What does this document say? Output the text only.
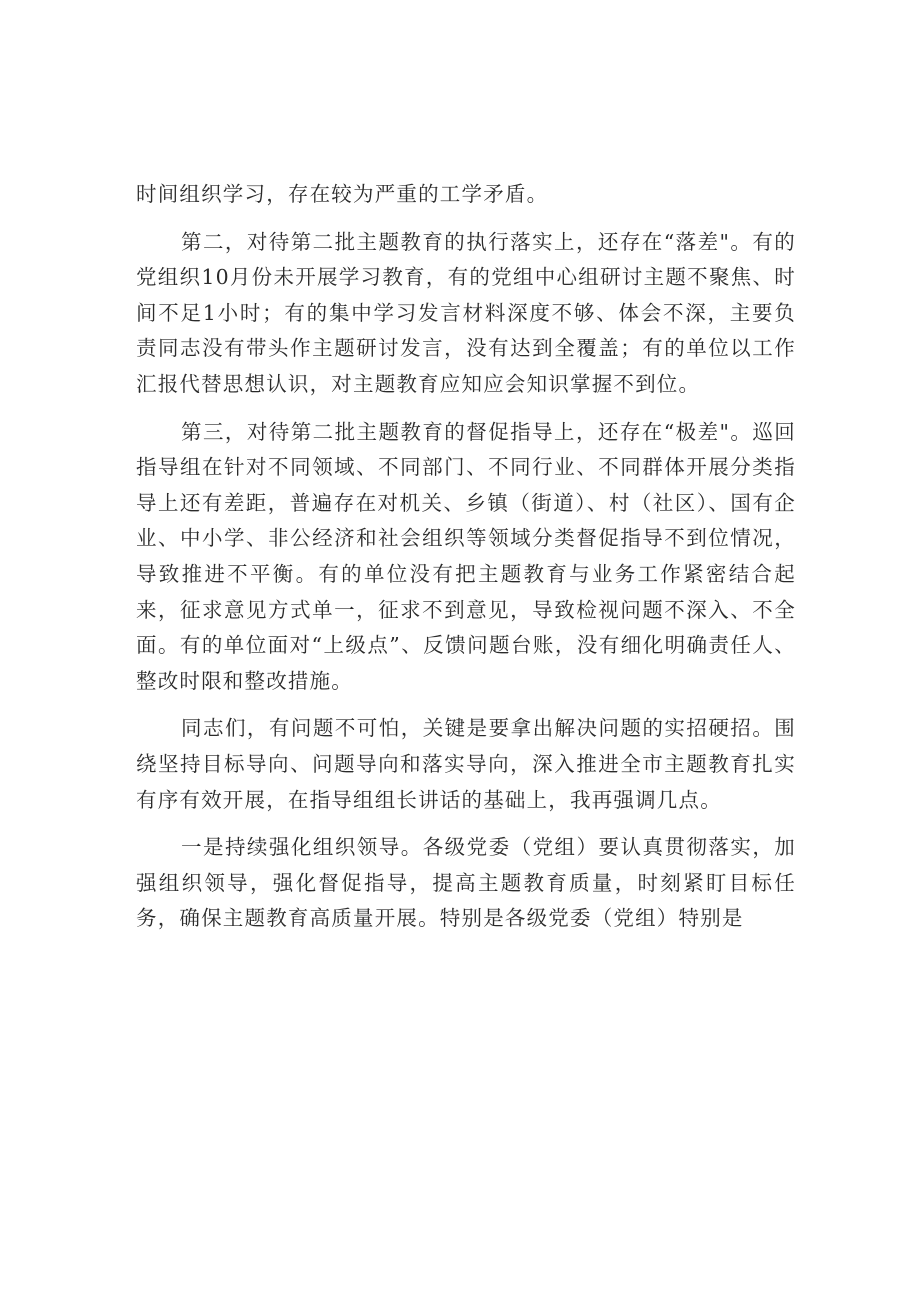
时间组织学习，存在较为严重的工学矛盾。

第二，对待第二批主题教育的执行落实上，还存在“落差"。有的党组织10月份未开展学习教育，有的党组中心组研讨主题不聚焦、时间不足1小时；有的集中学习发言材料深度不够、体会不深，主要负责同志没有带头作主题研讨发言，没有达到全覆盖；有的单位以工作汇报代替思想认识，对主题教育应知应会知识掌握不到位。

第三，对待第二批主题教育的督促指导上，还存在“极差"。巡回指导组在针对不同领域、不同部门、不同行业、不同群体开展分类指导上还有差距，普遍存在对机关、乡镇（街道）、村（社区）、国有企业、中小学、非公经济和社会组织等领域分类督促指导不到位情况，导致推进不平衡。有的单位没有把主题教育与业务工作紧密结合起来，征求意见方式单一，征求不到意见，导致检视问题不深入、不全面。有的单位面对“上级点”、反馈问题台账，没有细化明确责任人、整改时限和整改措施。

同志们，有问题不可怕，关键是要拿出解决问题的实招硬招。围绕坚持目标导向、问题导向和落实导向，深入推进全市主题教育扎实有序有效开展，在指导组组长讲话的基础上，我再强调几点。

一是持续强化组织领导。各级党委（党组）要认真贯彻落实，加强组织领导，强化督促指导，提高主题教育质量，时刻紧盯目标任务，确保主题教育高质量开展。特别是各级党委（党组）特别是
